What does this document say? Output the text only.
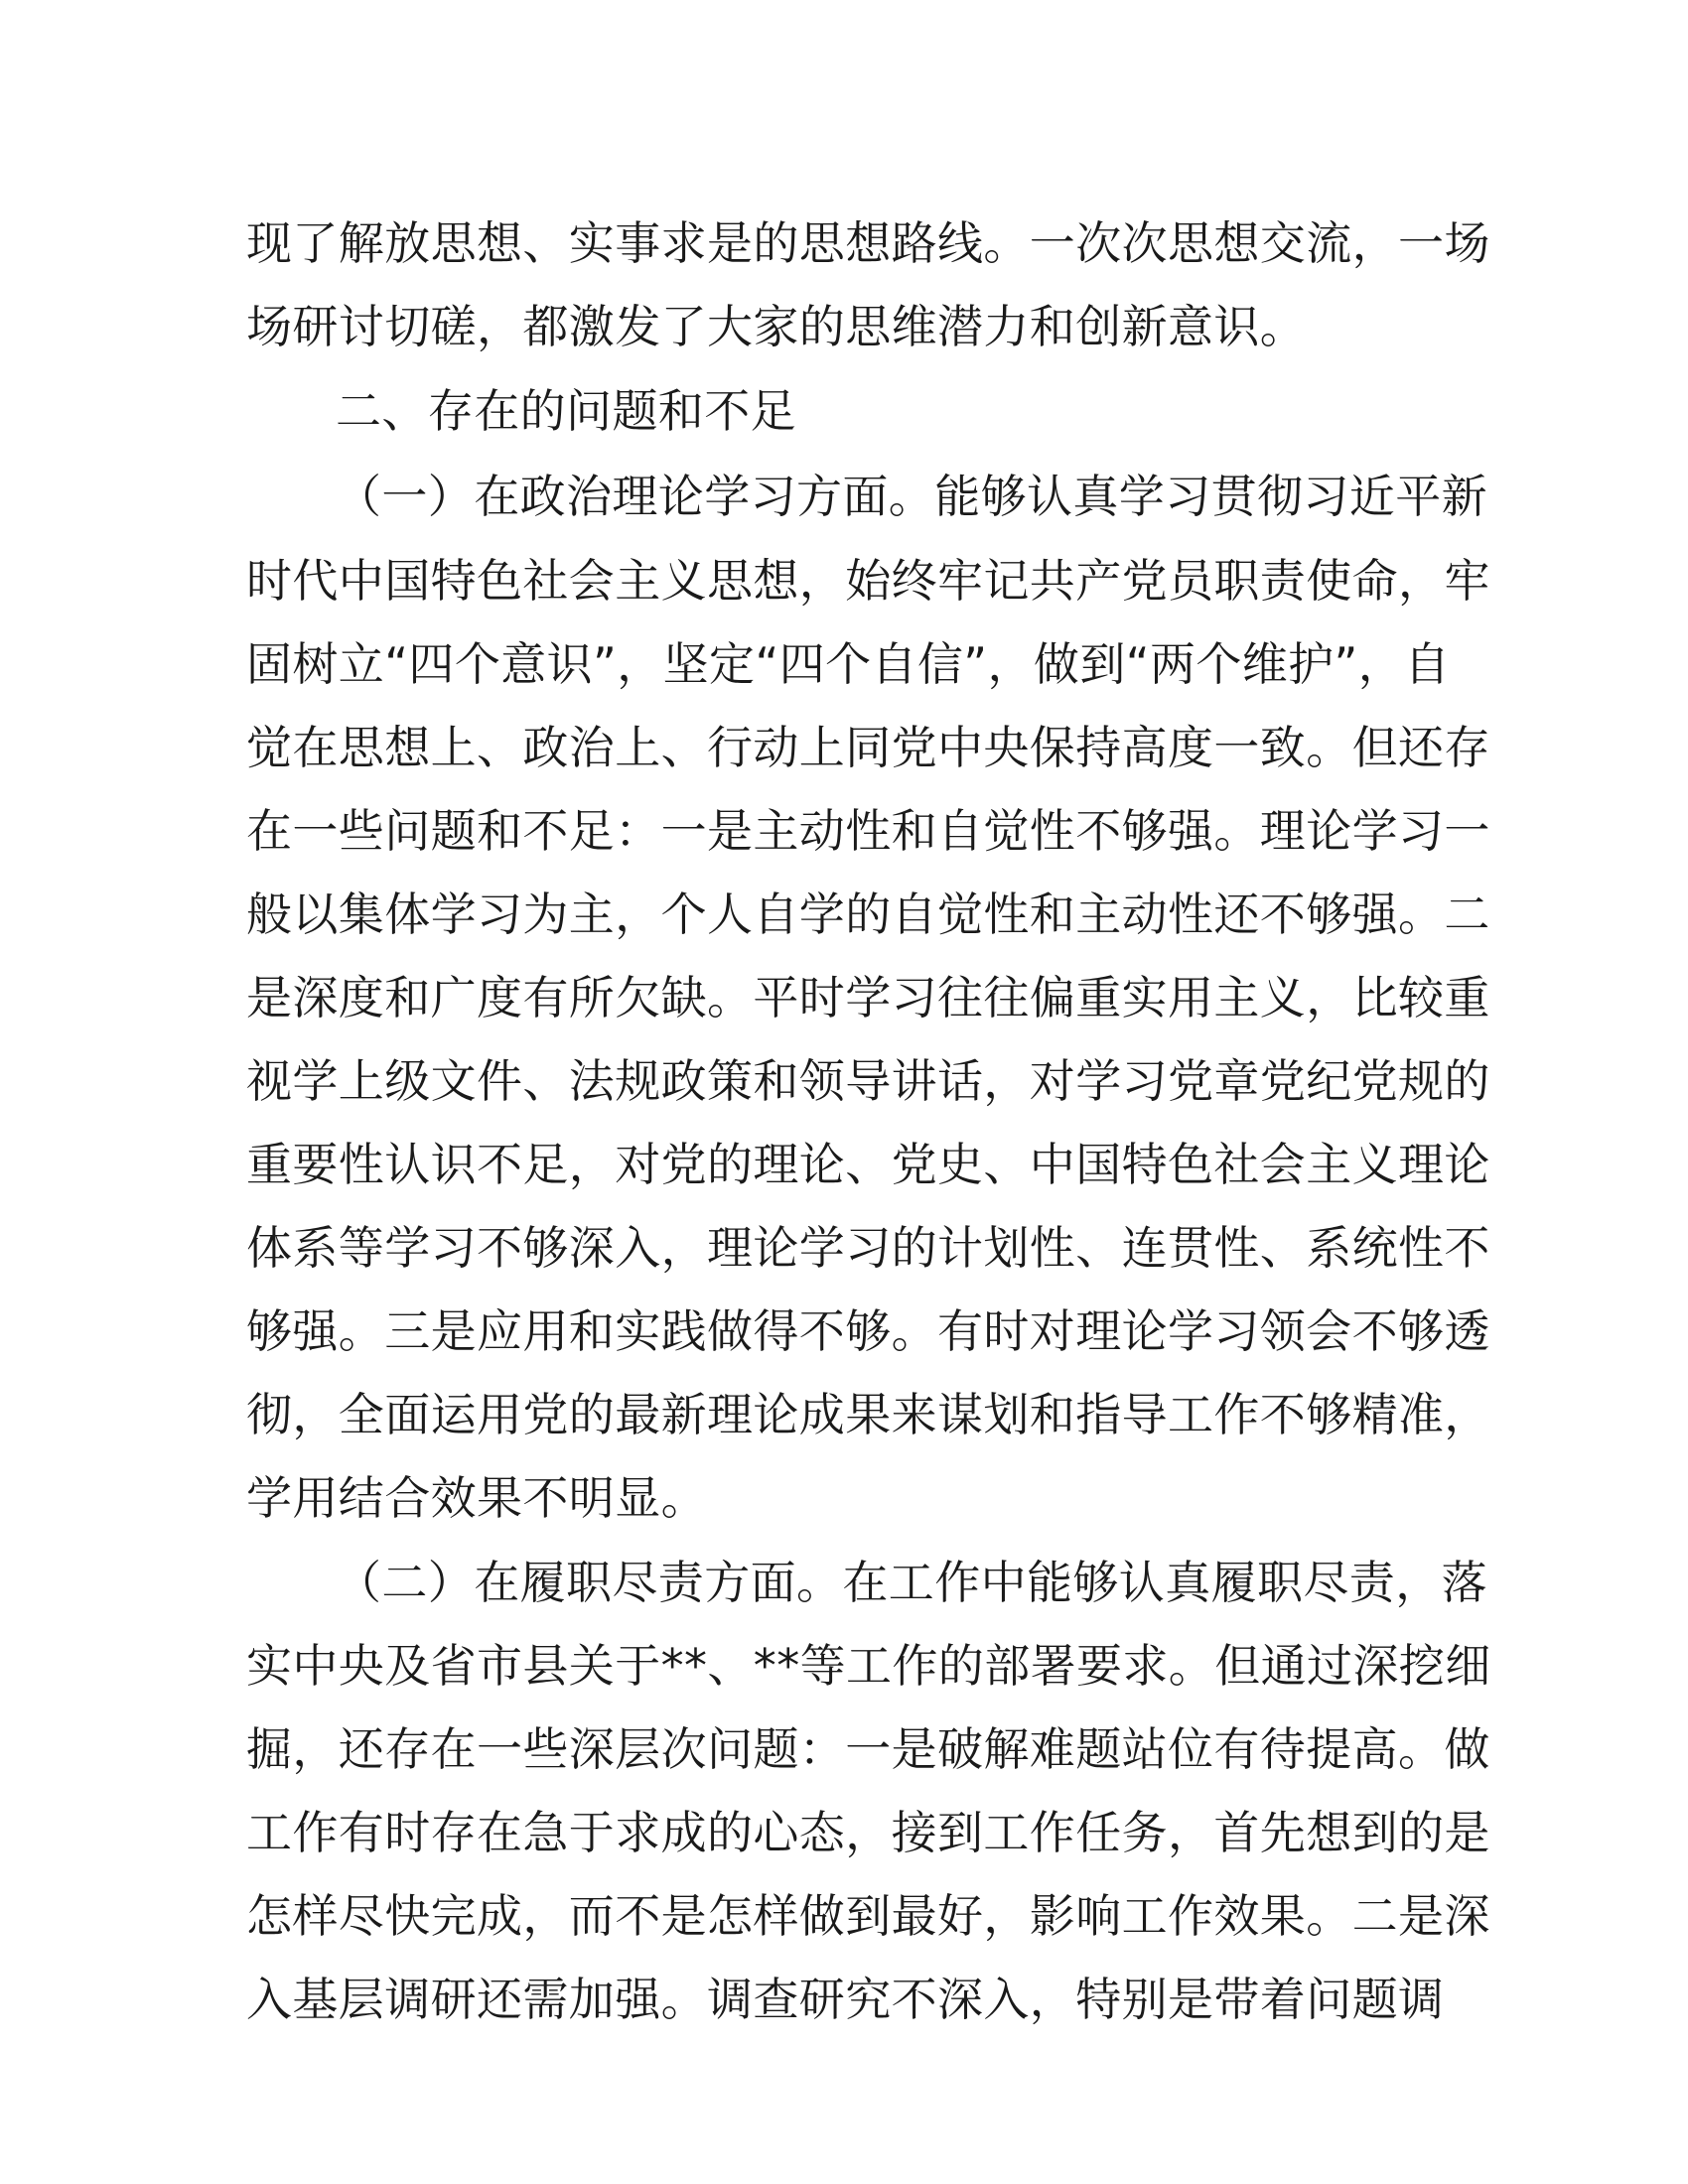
现了解放思想、实事求是的思想路线。一次次思想交流，一场
场研讨切磋，都激发了大家的思维潜力和创新意识。
二、存在的问题和不足
（一）在政治理论学习方面。能够认真学习贯彻习近平新
时代中国特色社会主义思想，始终牢记共产党员职责使命，牢
固树立“四个意识”，坚定“四个自信”，做到“两个维护”，自
觉在思想上、政治上、行动上同党中央保持高度一致。但还存
在一些问题和不足：一是主动性和自觉性不够强。理论学习一
般以集体学习为主，个人自学的自觉性和主动性还不够强。二
是深度和广度有所欠缺。平时学习往往偏重实用主义，比较重
视学上级文件、法规政策和领导讲话，对学习党章党纪党规的
重要性认识不足，对党的理论、党史、中国特色社会主义理论
体系等学习不够深入，理论学习的计划性、连贯性、系统性不
够强。三是应用和实践做得不够。有时对理论学习领会不够透
彻，全面运用党的最新理论成果来谋划和指导工作不够精准，
学用结合效果不明显。
（二）在履职尽责方面。在工作中能够认真履职尽责，落
实中央及省市县关于**、**等工作的部署要求。但通过深挖细
掘，还存在一些深层次问题：一是破解难题站位有待提高。做
工作有时存在急于求成的心态，接到工作任务，首先想到的是
怎样尽快完成，而不是怎样做到最好，影响工作效果。二是深
入基层调研还需加强。调查研究不深入，特别是带着问题调
